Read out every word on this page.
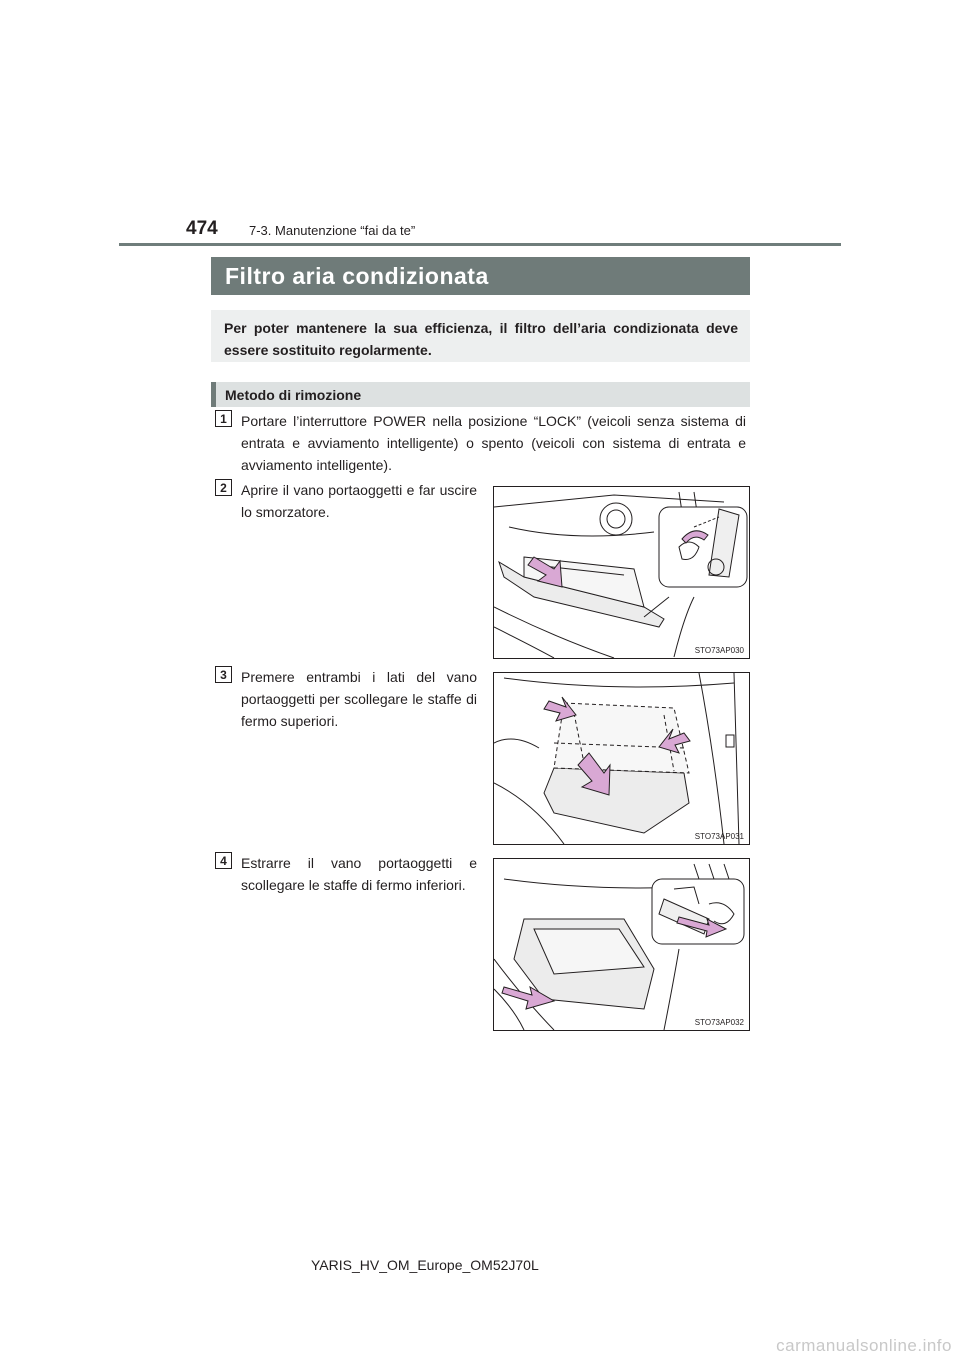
474 7-3. Manutenzione “fai da te”
Filtro aria condizionata
Per poter mantenere la sua efficienza, il filtro dell’aria condizionata deve essere sostituito regolarmente.
Metodo di rimozione
1	Portare l’interruttore POWER nella posizione “LOCK” (veicoli senza sistema di entrata e avviamento intelligente) o spento (veicoli con sistema di entrata e avviamento intelligente).
2	Aprire il vano portaoggetti e far uscire lo smorzatore.
STO73AP030
3	Premere entrambi i lati del vano portaoggetti per scollegare le staffe di fermo superiori.
STO73AP031
4	Estrarre il vano portaoggetti e scollegare le staffe di fermo inferiori.
STO73AP032
YARIS_HV_OM_Europe_OM52J70L
carmanualsonline.info
